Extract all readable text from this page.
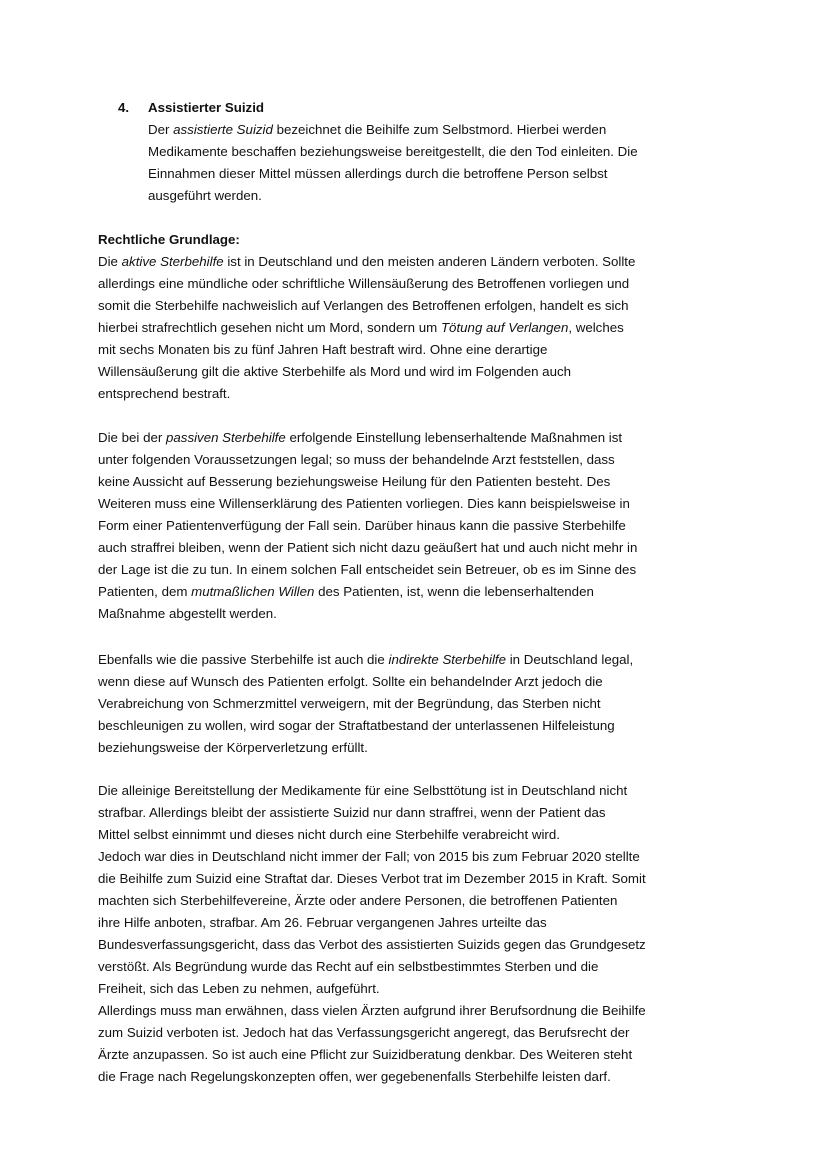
4. Assistierter Suizid
Der assistierte Suizid bezeichnet die Beihilfe zum Selbstmord. Hierbei werden
Medikamente beschaffen beziehungsweise bereitgestellt, die den Tod einleiten. Die
Einnahmen dieser Mittel müssen allerdings durch die betroffene Person selbst
ausgeführt werden.
Rechtliche Grundlage:
Die aktive Sterbehilfe ist in Deutschland und den meisten anderen Ländern verboten. Sollte
allerdings eine mündliche oder schriftliche Willensäußerung des Betroffenen vorliegen und
somit die Sterbehilfe nachweislich auf Verlangen des Betroffenen erfolgen, handelt es sich
hierbei strafrechtlich gesehen nicht um Mord, sondern um Tötung auf Verlangen, welches
mit sechs Monaten bis zu fünf Jahren Haft bestraft wird. Ohne eine derartige
Willensäußerung gilt die aktive Sterbehilfe als Mord und wird im Folgenden auch
entsprechend bestraft.
Die bei der passiven Sterbehilfe erfolgende Einstellung lebenserhaltende Maßnahmen ist
unter folgenden Voraussetzungen legal; so muss der behandelnde Arzt feststellen, dass
keine Aussicht auf Besserung beziehungsweise Heilung für den Patienten besteht. Des
Weiteren muss eine Willenserklärung des Patienten vorliegen. Dies kann beispielsweise in
Form einer Patientenverfügung der Fall sein. Darüber hinaus kann die passive Sterbehilfe
auch straffrei bleiben, wenn der Patient sich nicht dazu geäußert hat und auch nicht mehr in
der Lage ist die zu tun. In einem solchen Fall entscheidet sein Betreuer, ob es im Sinne des
Patienten, dem mutmaßlichen Willen des Patienten, ist, wenn die lebenserhaltenden
Maßnahme abgestellt werden.
Ebenfalls wie die passive Sterbehilfe ist auch die indirekte Sterbehilfe in Deutschland legal,
wenn diese auf Wunsch des Patienten erfolgt. Sollte ein behandelnder Arzt jedoch die
Verabreichung von Schmerzmittel verweigern, mit der Begründung, das Sterben nicht
beschleunigen zu wollen, wird sogar der Straftatbestand der unterlassenen Hilfeleistung
beziehungsweise der Körperverletzung erfüllt.
Die alleinige Bereitstellung der Medikamente für eine Selbsttötung ist in Deutschland nicht
strafbar. Allerdings bleibt der assistierte Suizid nur dann straffrei, wenn der Patient das
Mittel selbst einnimmt und dieses nicht durch eine Sterbehilfe verabreicht wird.
Jedoch war dies in Deutschland nicht immer der Fall; von 2015 bis zum Februar 2020 stellte
die Beihilfe zum Suizid eine Straftat dar. Dieses Verbot trat im Dezember 2015 in Kraft. Somit
machten sich Sterbehilfevereine, Ärzte oder andere Personen, die betroffenen Patienten
ihre Hilfe anboten, strafbar. Am 26. Februar vergangenen Jahres urteilte das
Bundesverfassungsgericht, dass das Verbot des assistierten Suizids gegen das Grundgesetz
verstößt. Als Begründung wurde das Recht auf ein selbstbestimmtes Sterben und die
Freiheit, sich das Leben zu nehmen, aufgeführt.
Allerdings muss man erwähnen, dass vielen Ärzten aufgrund ihrer Berufsordnung die Beihilfe
zum Suizid verboten ist. Jedoch hat das Verfassungsgericht angeregt, das Berufsrecht der
Ärzte anzupassen. So ist auch eine Pflicht zur Suizidberatung denkbar. Des Weiteren steht
die Frage nach Regelungskonzepten offen, wer gegebenenfalls Sterbehilfe leisten darf.
